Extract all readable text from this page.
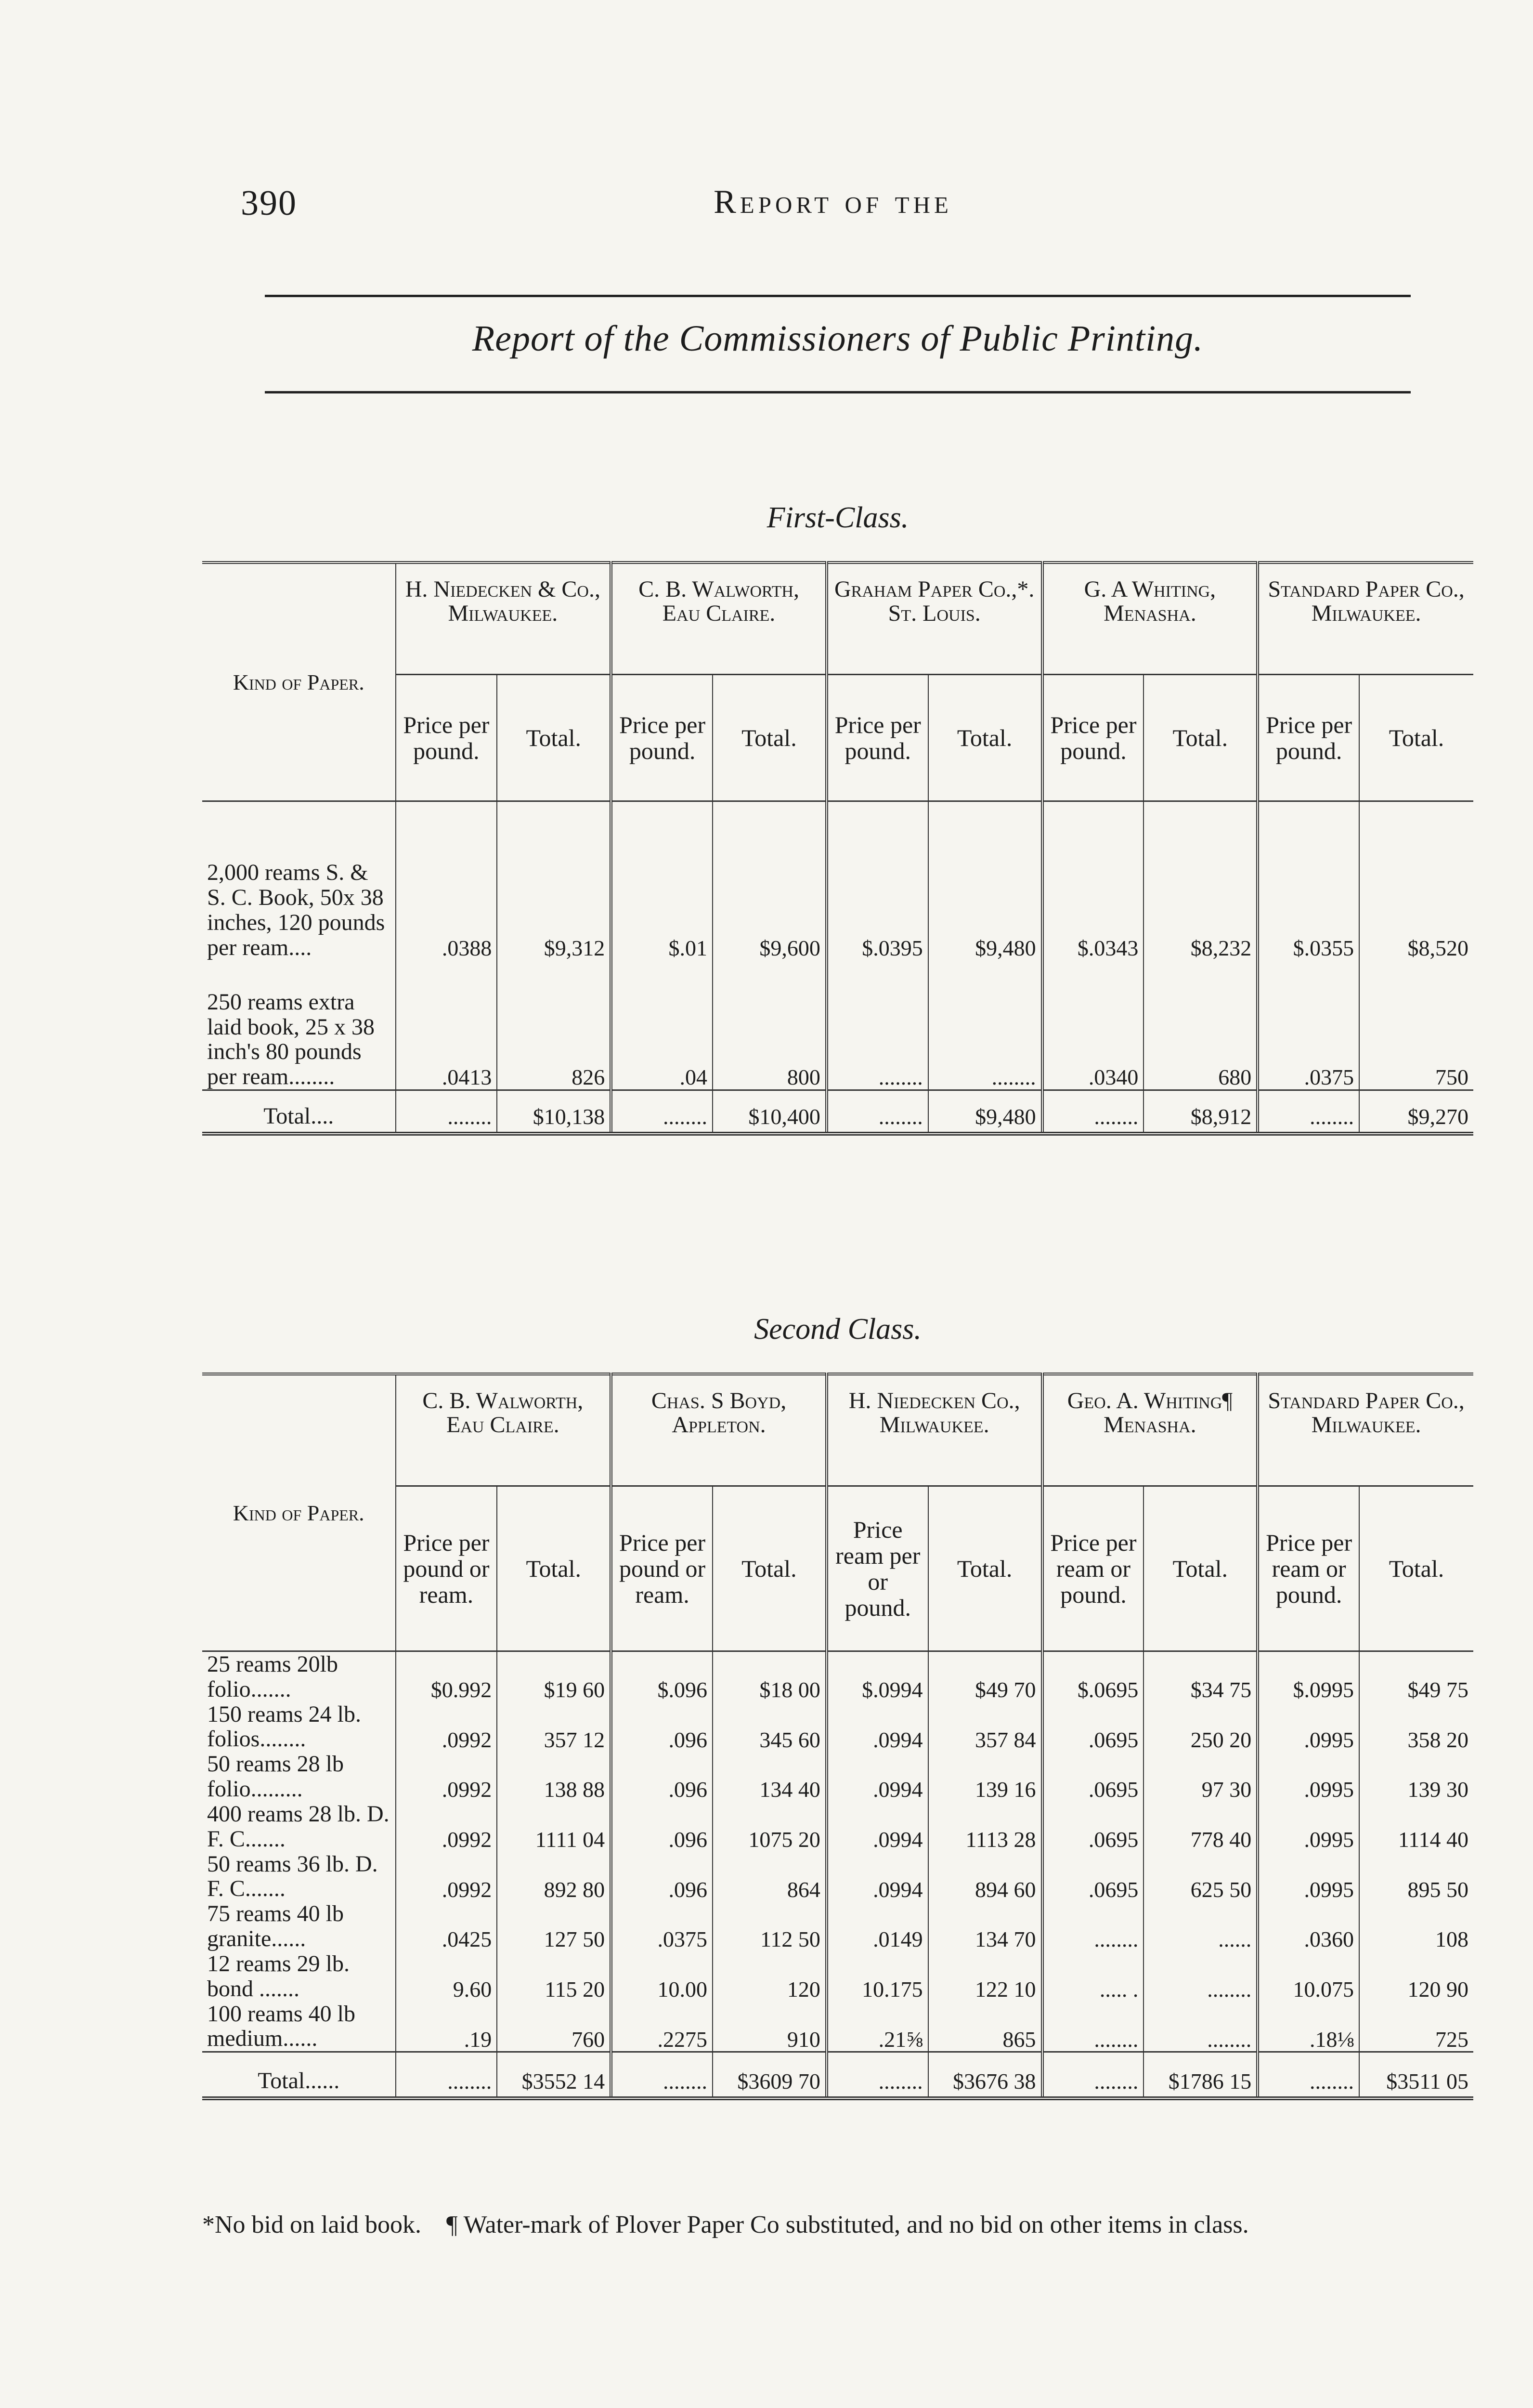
390	Report of the
Report of the Commissioners of Public Printing.
First-Class.
Kind of Paper.	H. Niedecken & Co., Milwaukee.		C. B. Walworth, Eau Claire.		Graham Paper Co.,*. St. Louis.		G. A Whiting, Menasha.		Standard Paper Co., Milwaukee.	
	Price per pound.	Total.	Price per pound.	Total.	Price per pound.	Total.	Price per pound.	Total.	Price per pound.	Total.
2,000 reams S. & S. C. Book, 50x 38 inches, 120 pounds per ream....	.0388	$9,312	$.01	$9,600	$.0395	$9,480	$.0343	$8,232	$.0355	$8,520
250 reams extra laid book, 25 x 38 inch's 80 pounds per ream........	.0413	826	.04	800	........	........	.0340	680	.0375	750
Total....	........	$10,138	........	$10,400	........	$9,480	........	$8,912	........	$9,270
Second Class.
Kind of Paper.	C. B. Walworth, Eau Claire.		Chas. S Boyd, Appleton.		H. Niedecken Co., Milwaukee.		Geo. A. Whiting¶ Menasha.		Standard Paper Co., Milwaukee.	
	Price per pound or ream.	Total.	Price per pound or ream.	Total.	Price ream per or pound.	Total.	Price per ream or pound.	Total.	Price per ream or pound.	Total.
25 reams 20lb folio.......	$0.992	$19 60	$.096	$18 00	$.0994	$49 70	$.0695	$34 75	$.0995	$49 75
150 reams 24 lb. folios........	.0992	357 12	.096	345 60	.0994	357 84	.0695	250 20	.0995	358 20
50 reams 28 lb folio.........	.0992	138 88	.096	134 40	.0994	139 16	.0695	97 30	.0995	139 30
400 reams 28 lb. D. F. C.......	.0992	1111 04	.096	1075 20	.0994	1113 28	.0695	778 40	.0995	1114 40
50 reams 36 lb. D. F. C.......	.0992	892 80	.096	864	.0994	894 60	.0695	625 50	.0995	895 50
75 reams 40 lb granite......	.0425	127 50	.0375	112 50	.0149	134 70	........	......	.0360	108
12 reams 29 lb. bond .......	9.60	115 20	10.00	120	10.175	122 10	..... .	........	10.075	120 90
100 reams 40 lb medium......	.19	760	.2275	910	.21⅝	865	........	........	.18⅛	725
Total......	........	$3552 14	........	$3609 70	........	$3676 38	........	$1786 15	........	$3511 05
*No bid on laid book. ¶ Water-mark of Plover Paper Co substituted, and no bid on other items in class.
